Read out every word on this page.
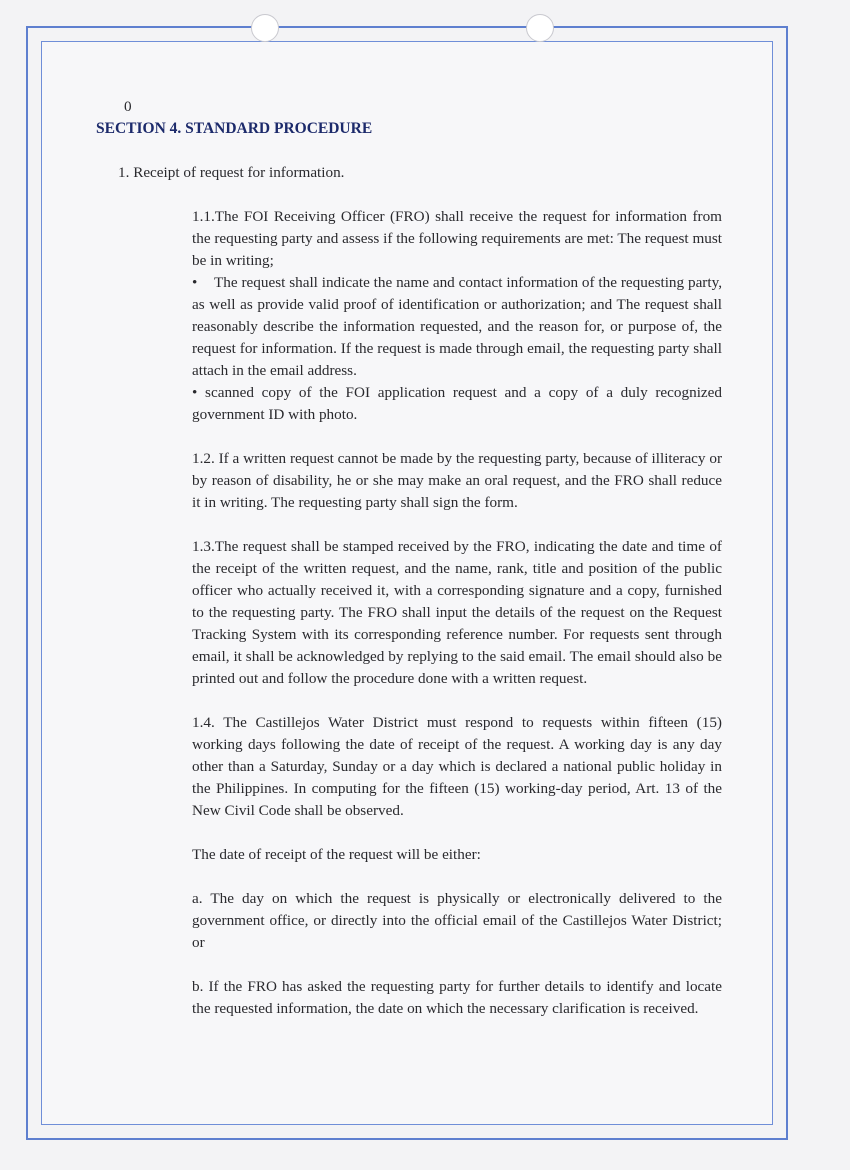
0
SECTION 4. STANDARD PROCEDURE
1. Receipt of request for information.
1.1.The FOI Receiving Officer (FRO) shall receive the request for information from the requesting party and assess if the following requirements are met: The request must be in writing;
• The request shall indicate the name and contact information of the requesting party, as well as provide valid proof of identification or authorization; and The request shall reasonably describe the information requested, and the reason for, or purpose of, the request for information. If the request is made through email, the requesting party shall attach in the email address.
• scanned copy of the FOI application request and a copy of a duly recognized government ID with photo.
1.2. If a written request cannot be made by the requesting party, because of illiteracy or by reason of disability, he or she may make an oral request, and the FRO shall reduce it in writing. The requesting party shall sign the form.
1.3.The request shall be stamped received by the FRO, indicating the date and time of the receipt of the written request, and the name, rank, title and position of the public officer who actually received it, with a corresponding signature and a copy, furnished to the requesting party. The FRO shall input the details of the request on the Request Tracking System with its corresponding reference number. For requests sent through email, it shall be acknowledged by replying to the said email. The email should also be printed out and follow the procedure done with a written request.
1.4. The Castillejos Water District must respond to requests within fifteen (15) working days following the date of receipt of the request. A working day is any day other than a Saturday, Sunday or a day which is declared a national public holiday in the Philippines. In computing for the fifteen (15) working-day period, Art. 13 of the New Civil Code shall be observed.
The date of receipt of the request will be either:
a. The day on which the request is physically or electronically delivered to the government office, or directly into the official email of the Castillejos Water District; or
b. If the FRO has asked the requesting party for further details to identify and locate the requested information, the date on which the necessary clarification is received.
